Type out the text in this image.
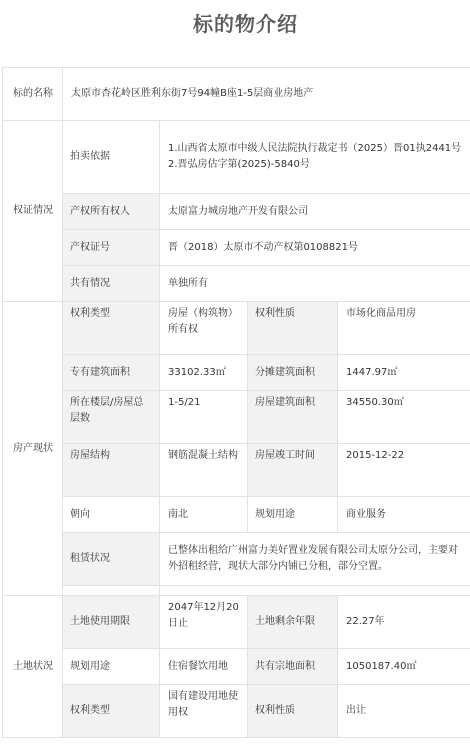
标的物介绍
标的名称	太原市杏花岭区胜利东街7号94幢B座1-5层商业房地产			
权证情况	拍卖依据	1.山西省太原市中级人民法院执行裁定书（2025）晋01执2441号
2.晋弘房估字第(2025)-5840号		

	产权所有权人	太原富力城房地产开发有限公司		
	产权证号	晋（2018）太原市不动产权第0108821号		
	共有情况	单独所有		
房产现状	权利类型	房屋（构筑物）所有权	权利性质	市场化商品用房
	专有建筑面积	33102.33㎡	分摊建筑面积	1447.97㎡
	所在楼层/房屋总层数	1-5/21	房屋建筑面积	34550.30㎡
	房屋结构	钢筋混凝土结构	房屋竣工时间	2015-12-22
	朝向	南北	规划用途	商业服务
	租赁状况	已整体出租给广州富力美好置业发展有限公司太原分公司，主要对外招租经营，现状大部分内铺已分租，部分空置。		

土地状况	土地使用期限	2047年12月20日止	土地剩余年限	22.27年
	规划用途	住宿餐饮用地	共有宗地面积	1050187.40㎡
	权利类型	国有建设用地使用权	权利性质	出让
